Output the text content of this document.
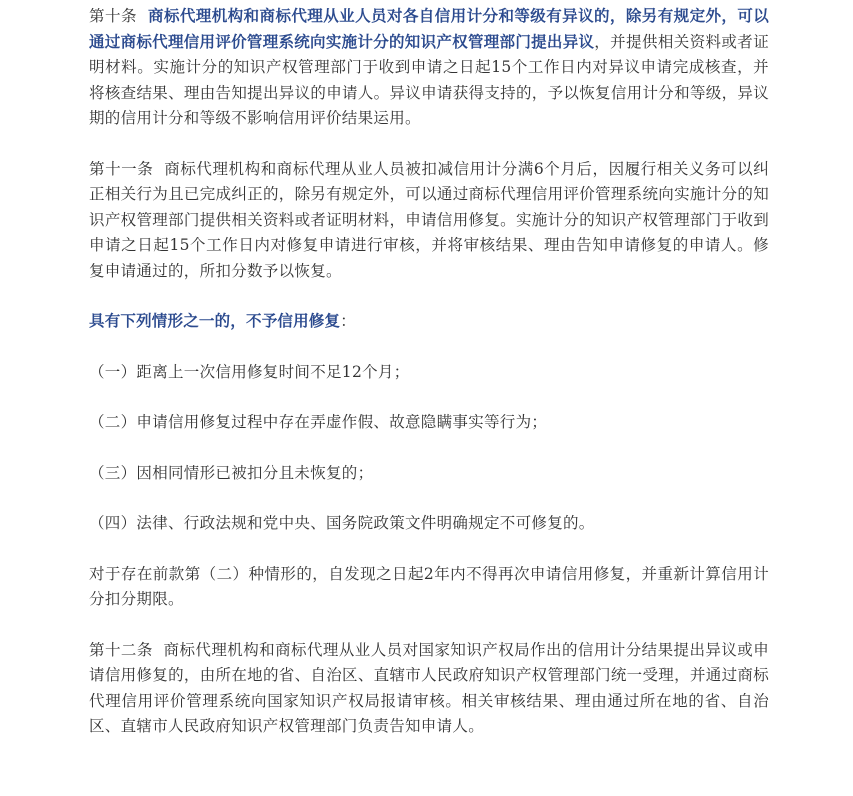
第十条 商标代理机构和商标代理从业人员对各自信用计分和等级有异议的，除另有规定外，可以通过商标代理信用评价管理系统向实施计分的知识产权管理部门提出异议，并提供相关资料或者证明材料。实施计分的知识产权管理部门于收到申请之日起15个工作日内对异议申请完成核查，并将核查结果、理由告知提出异议的申请人。异议申请获得支持的，予以恢复信用计分和等级，异议期的信用计分和等级不影响信用评价结果运用。

第十一条 商标代理机构和商标代理从业人员被扣减信用计分满6个月后，因履行相关义务可以纠正相关行为且已完成纠正的，除另有规定外，可以通过商标代理信用评价管理系统向实施计分的知识产权管理部门提供相关资料或者证明材料，申请信用修复。实施计分的知识产权管理部门于收到申请之日起15个工作日内对修复申请进行审核，并将审核结果、理由告知申请修复的申请人。修复申请通过的，所扣分数予以恢复。

具有下列情形之一的，不予信用修复：

（一）距离上一次信用修复时间不足12个月；

（二）申请信用修复过程中存在弄虚作假、故意隐瞒事实等行为；

（三）因相同情形已被扣分且未恢复的；

（四）法律、行政法规和党中央、国务院政策文件明确规定不可修复的。

对于存在前款第（二）种情形的，自发现之日起2年内不得再次申请信用修复，并重新计算信用计分扣分期限。

第十二条 商标代理机构和商标代理从业人员对国家知识产权局作出的信用计分结果提出异议或申请信用修复的，由所在地的省、自治区、直辖市人民政府知识产权管理部门统一受理，并通过商标代理信用评价管理系统向国家知识产权局报请审核。相关审核结果、理由通过所在地的省、自治区、直辖市人民政府知识产权管理部门负责告知申请人。
